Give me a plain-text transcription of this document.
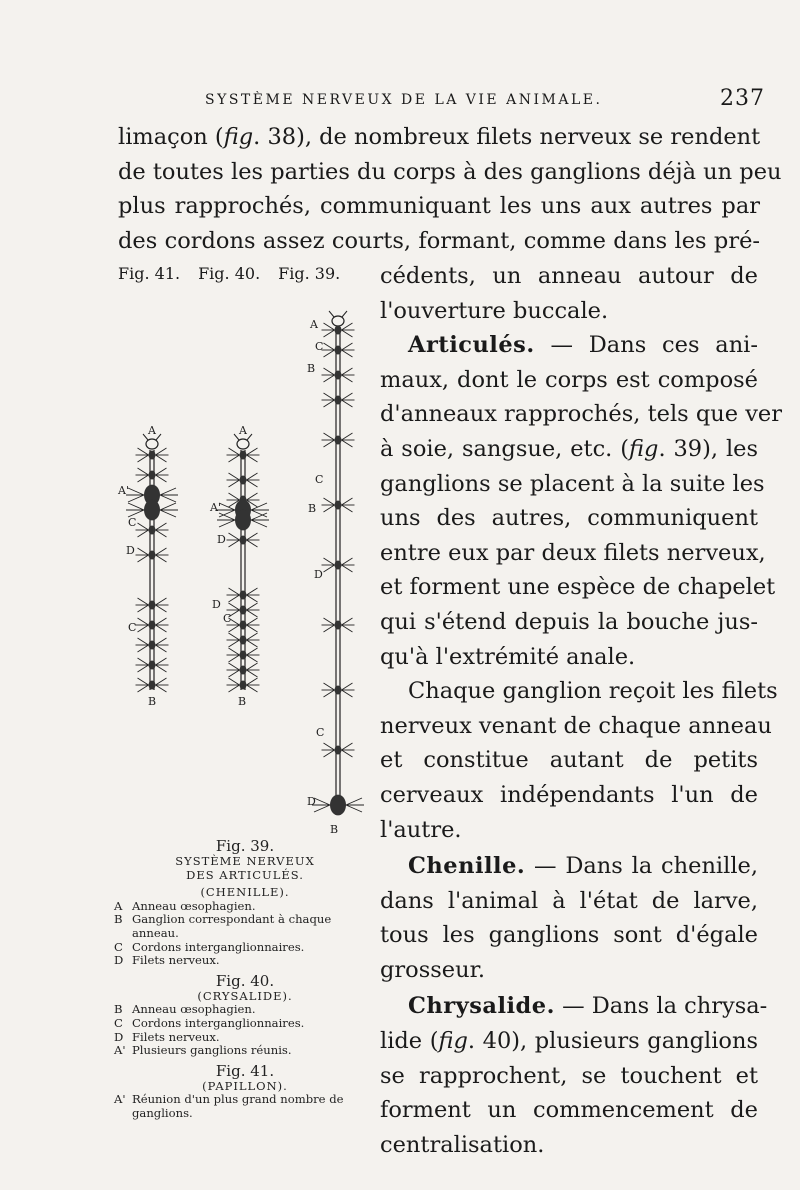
SYSTÈME NERVEUX DE LA VIE ANIMALE.	237
limaçon (fig. 38), de nombreux filets nerveux se rendent
de toutes les parties du corps à des ganglions déjà un peu
plus rapprochés, communiquant les uns aux autres par
des cordons assez courts, formant, comme dans les pré-
Fig. 41. Fig. 40. Fig. 39. cédents, un anneau autour de
l'ouverture buccale.
Articulés. — Dans ces ani-
maux, dont le corps est composé
d'anneaux rapprochés, tels que ver
à soie, sangsue, etc. (fig. 39), les
ganglions se placent à la suite les
uns des autres, communiquent
entre eux par deux filets nerveux,
et forment une espèce de chapelet
qui s'étend depuis la bouche jus-
qu'à l'extrémité anale.
Chaque ganglion reçoit les filets
nerveux venant de chaque anneau
et constitue autant de petits
cerveaux indépendants l'un de
l'autre.
Chenille. — Dans la chenille,
dans l'animal à l'état de larve,
tous les ganglions sont d'égale
grosseur.
Chrysalide. — Dans la chrysa-
lide (fig. 40), plusieurs ganglions
se rapprochent, se touchent et
forment un commencement de
centralisation.
A
A'
C
D
C
B
A
A'
D
D
C
B
A
C
B
C
B
D
C
D
B
Fig. 39.
SYSTÈME NERVEUX
DES ARTICULÉS.
(CHENILLE).
A Anneau œsophagien.
B Ganglion correspondant à chaque anneau.
C Cordons interganglionnaires.
D Filets nerveux.
Fig. 40.
(CRYSALIDE).
B Anneau œsophagien.
C Cordons interganglionnaires.
D Filets nerveux.
A' Plusieurs ganglions réunis.
Fig. 41.
(PAPILLON).
A' Réunion d'un plus grand nombre de ganglions.
